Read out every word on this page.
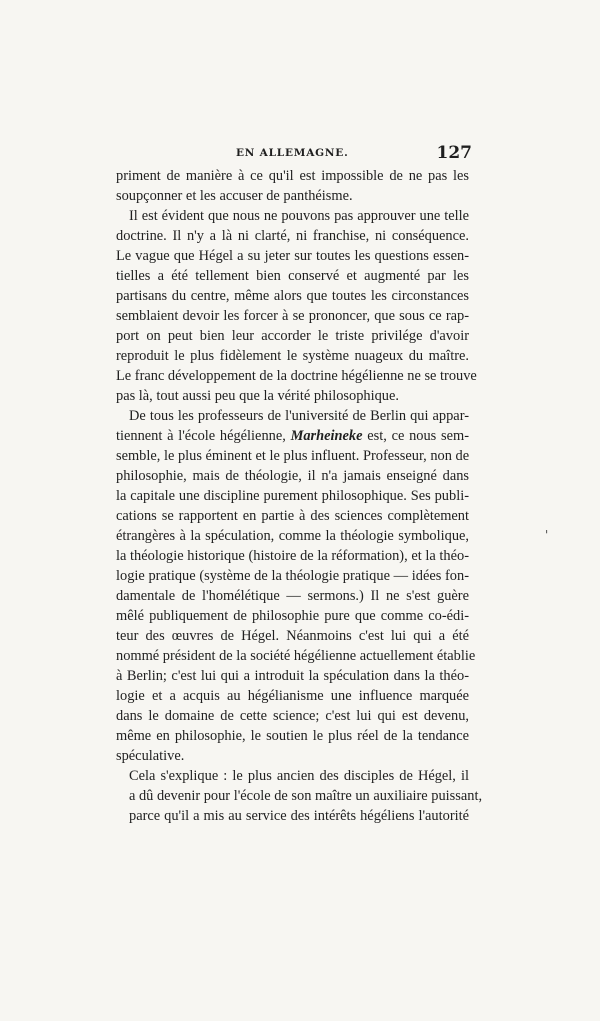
EN ALLEMAGNE.	127
'
priment de manière à ce qu'il est impossible de ne pas les
soupçonner et les accuser de panthéisme.
Il est évident que nous ne pouvons pas approuver une telle
doctrine. Il n'y a là ni clarté, ni franchise, ni conséquence.
Le vague que Hégel a su jeter sur toutes les questions essen-
tielles a été tellement bien conservé et augmenté par les
partisans du centre, même alors que toutes les circonstances
semblaient devoir les forcer à se prononcer, que sous ce rap-
port on peut bien leur accorder le triste privilége d'avoir
reproduit le plus fidèlement le système nuageux du maître.
Le franc développement de la doctrine hégélienne ne se trouve
pas là, tout aussi peu que la vérité philosophique.
De tous les professeurs de l'université de Berlin qui appar-
tiennent à l'école hégélienne, Marheineke est, ce nous sem-
semble, le plus éminent et le plus influent. Professeur, non de
philosophie, mais de théologie, il n'a jamais enseigné dans
la capitale une discipline purement philosophique. Ses publi-
cations se rapportent en partie à des sciences complètement
étrangères à la spéculation, comme la théologie symbolique,
la théologie historique (histoire de la réformation), et la théo-
logie pratique (système de la théologie pratique — idées fon-
damentale de l'homélétique — sermons.) Il ne s'est guère
mêlé publiquement de philosophie pure que comme co-édi-
teur des œuvres de Hégel. Néanmoins c'est lui qui a été
nommé président de la société hégélienne actuellement établie
à Berlin; c'est lui qui a introduit la spéculation dans la théo-
logie et a acquis au hégélianisme une influence marquée
dans le domaine de cette science; c'est lui qui est devenu,
même en philosophie, le soutien le plus réel de la tendance
spéculative.
Cela s'explique : le plus ancien des disciples de Hégel, il
a dû devenir pour l'école de son maître un auxiliaire puissant,
parce qu'il a mis au service des intérêts hégéliens l'autorité
